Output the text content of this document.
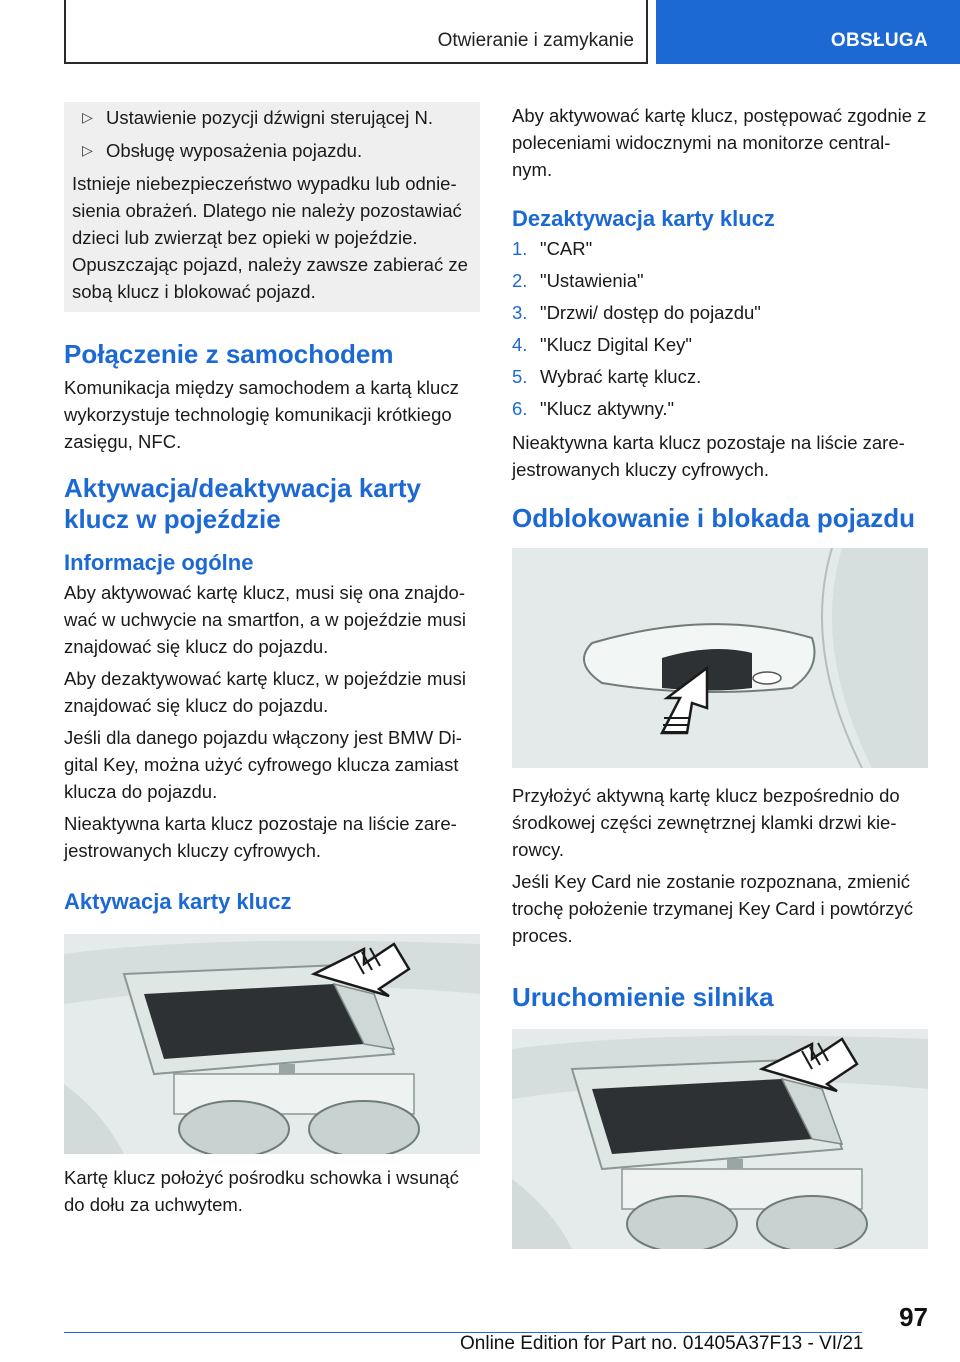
Otwieranie i zamykanie	OBSŁUGA
▷ Ustawienie pozycji dźwigni sterującej N.
▷ Obsługę wyposażenia pojazdu.

Istnieje niebezpieczeństwo wypadku lub odnie-sienia obrażeń. Dlatego nie należy pozostawiać dzieci lub zwierząt bez opieki w pojeździe. Opuszczając pojazd, należy zawsze zabierać ze sobą klucz i blokować pojazd.

Połączenie z samochodem

Komunikacja między samochodem a kartą klucz wykorzystuje technologię komunikacji krótkiego zasięgu, NFC.

Aktywacja/deaktywacja karty klucz w pojeździe
Informacje ogólne

Aby aktywować kartę klucz, musi się ona znajdo-wać w uchwycie na smartfon, a w pojeździe musi znajdować się klucz do pojazdu.

Aby dezaktywować kartę klucz, w pojeździe musi znajdować się klucz do pojazdu.

Jeśli dla danego pojazdu włączony jest BMW Di-gital Key, można użyć cyfrowego klucza zamiast klucza do pojazdu.

Nieaktywna karta klucz pozostaje na liście zare-jestrowanych kluczy cyfrowych.

Aktywacja karty klucz

Kartę klucz położyć pośrodku schowka i wsunąć do dołu za uchwytem.

Aby aktywować kartę klucz, postępować zgodnie z poleceniami widocznymi na monitorze central-nym.

Dezaktywacja karty klucz
1. "CAR"
2. "Ustawienia"
3. "Drzwi/ dostęp do pojazdu"
4. "Klucz Digital Key"
5. Wybrać kartę klucz.
6. "Klucz aktywny."

Nieaktywna karta klucz pozostaje na liście zare-jestrowanych kluczy cyfrowych.

Odblokowanie i blokada pojazdu

Przyłożyć aktywną kartę klucz bezpośrednio do środkowej części zewnętrznej klamki drzwi kie-rowcy.

Jeśli Key Card nie zostanie rozpoznana, zmienić trochę położenie trzymanej Key Card i powtórzyć proces.

Uruchomienie silnika
97
Online Edition for Part no. 01405A37F13 - VI/21
